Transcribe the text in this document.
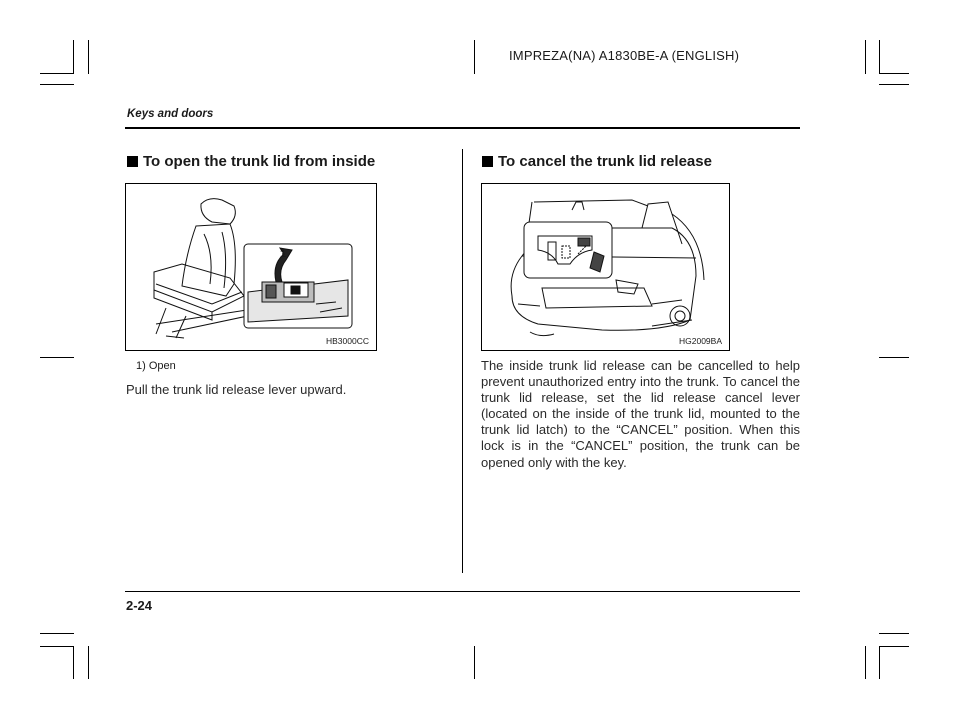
IMPREZA(NA) A1830BE-A (ENGLISH)
Keys and doors
To open the trunk lid from inside
1
HB3000CC
1) Open
Pull the trunk lid release lever upward.
To cancel the trunk lid release
HG2009BA
The inside trunk lid release can be cancelled to help prevent unauthorized entry into the trunk. To cancel the trunk lid release, set the lid release cancel lever (located on the inside of the trunk lid, mounted to the trunk lid latch) to the “CANCEL” position. When this lock is in the “CANCEL” position, the trunk can be opened only with the key.
2-24
